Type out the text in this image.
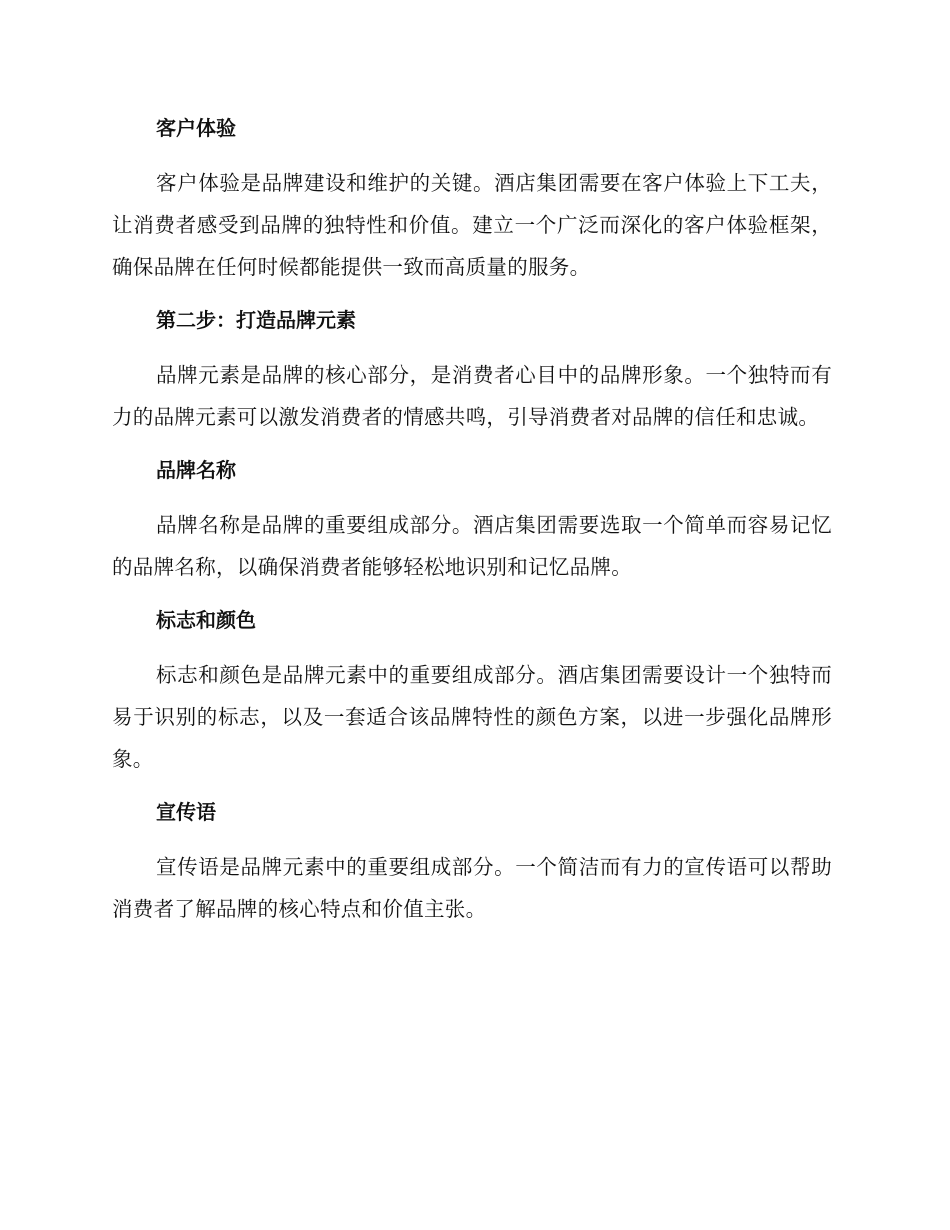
客户体验

客户体验是品牌建设和维护的关键。酒店集团需要在客户体验上下工夫，让消费者感受到品牌的独特性和价值。建立一个广泛而深化的客户体验框架，确保品牌在任何时候都能提供一致而高质量的服务。

第二步：打造品牌元素

品牌元素是品牌的核心部分，是消费者心目中的品牌形象。一个独特而有力的品牌元素可以激发消费者的情感共鸣，引导消费者对品牌的信任和忠诚。

品牌名称

品牌名称是品牌的重要组成部分。酒店集团需要选取一个简单而容易记忆的品牌名称，以确保消费者能够轻松地识别和记忆品牌。

标志和颜色

标志和颜色是品牌元素中的重要组成部分。酒店集团需要设计一个独特而易于识别的标志，以及一套适合该品牌特性的颜色方案，以进一步强化品牌形象。

宣传语

宣传语是品牌元素中的重要组成部分。一个简洁而有力的宣传语可以帮助消费者了解品牌的核心特点和价值主张。
